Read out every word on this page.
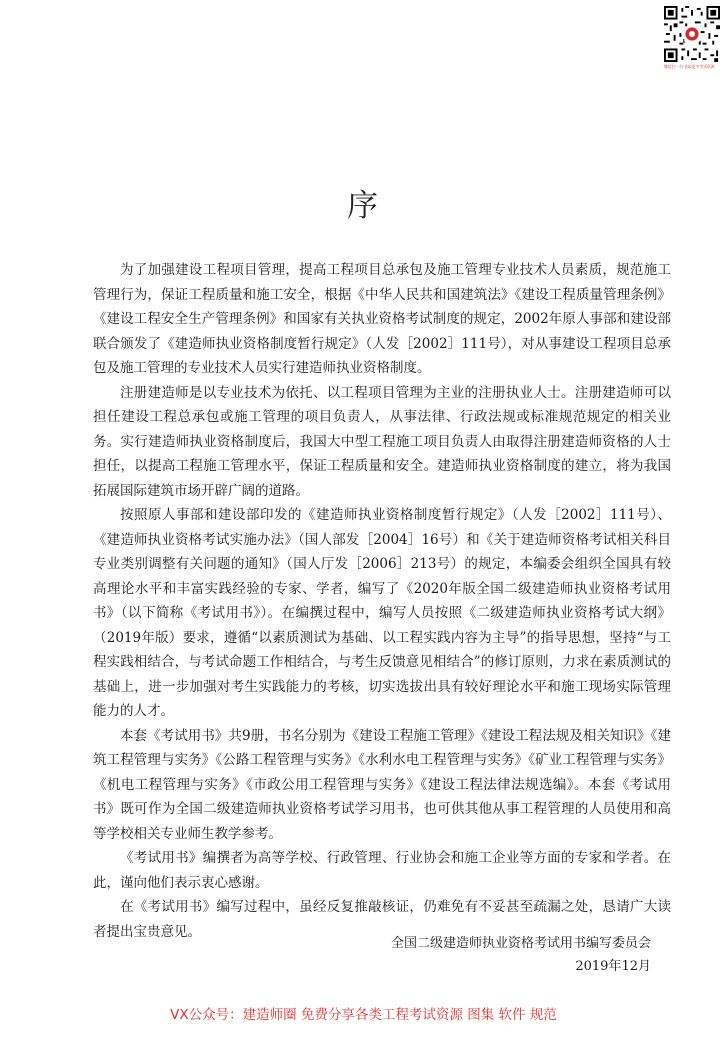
微信扫一扫 获取更多考试资源
序

为了加强建设工程项目管理，提高工程项目总承包及施工管理专业技术人员素质，规范施工管理行为，保证工程质量和施工安全，根据《中华人民共和国建筑法》《建设工程质量管理条例》《建设工程安全生产管理条例》和国家有关执业资格考试制度的规定，2002年原人事部和建设部联合颁发了《建造师执业资格制度暂行规定》（人发［2002］111号），对从事建设工程项目总承包及施工管理的专业技术人员实行建造师执业资格制度。

注册建造师是以专业技术为依托、以工程项目管理为主业的注册执业人士。注册建造师可以担任建设工程总承包或施工管理的项目负责人，从事法律、行政法规或标准规范规定的相关业务。实行建造师执业资格制度后，我国大中型工程施工项目负责人由取得注册建造师资格的人士担任，以提高工程施工管理水平，保证工程质量和安全。建造师执业资格制度的建立，将为我国拓展国际建筑市场开辟广阔的道路。

按照原人事部和建设部印发的《建造师执业资格制度暂行规定》（人发［2002］111号）、《建造师执业资格考试实施办法》（国人部发［2004］16号）和《关于建造师资格考试相关科目专业类别调整有关问题的通知》（国人厅发［2006］213号）的规定，本编委会组织全国具有较高理论水平和丰富实践经验的专家、学者，编写了《2020年版全国二级建造师执业资格考试用书》（以下简称《考试用书》）。在编撰过程中，编写人员按照《二级建造师执业资格考试大纲》（2019年版）要求，遵循“以素质测试为基础、以工程实践内容为主导”的指导思想，坚持“与工程实践相结合，与考试命题工作相结合，与考生反馈意见相结合”的修订原则，力求在素质测试的基础上，进一步加强对考生实践能力的考核，切实选拔出具有较好理论水平和施工现场实际管理能力的人才。

本套《考试用书》共9册，书名分别为《建设工程施工管理》《建设工程法规及相关知识》《建筑工程管理与实务》《公路工程管理与实务》《水利水电工程管理与实务》《矿业工程管理与实务》《机电工程管理与实务》《市政公用工程管理与实务》《建设工程法律法规选编》。本套《考试用书》既可作为全国二级建造师执业资格考试学习用书，也可供其他从事工程管理的人员使用和高等学校相关专业师生教学参考。

《考试用书》编撰者为高等学校、行政管理、行业协会和施工企业等方面的专家和学者。在此，谨向他们表示衷心感谢。

在《考试用书》编写过程中，虽经反复推敲核证，仍难免有不妥甚至疏漏之处，恳请广大读者提出宝贵意见。

全国二级建造师执业资格考试用书编写委员会
2019年12月
VX公众号：建造师圈 免费分享各类工程考试资源 图集 软件 规范
